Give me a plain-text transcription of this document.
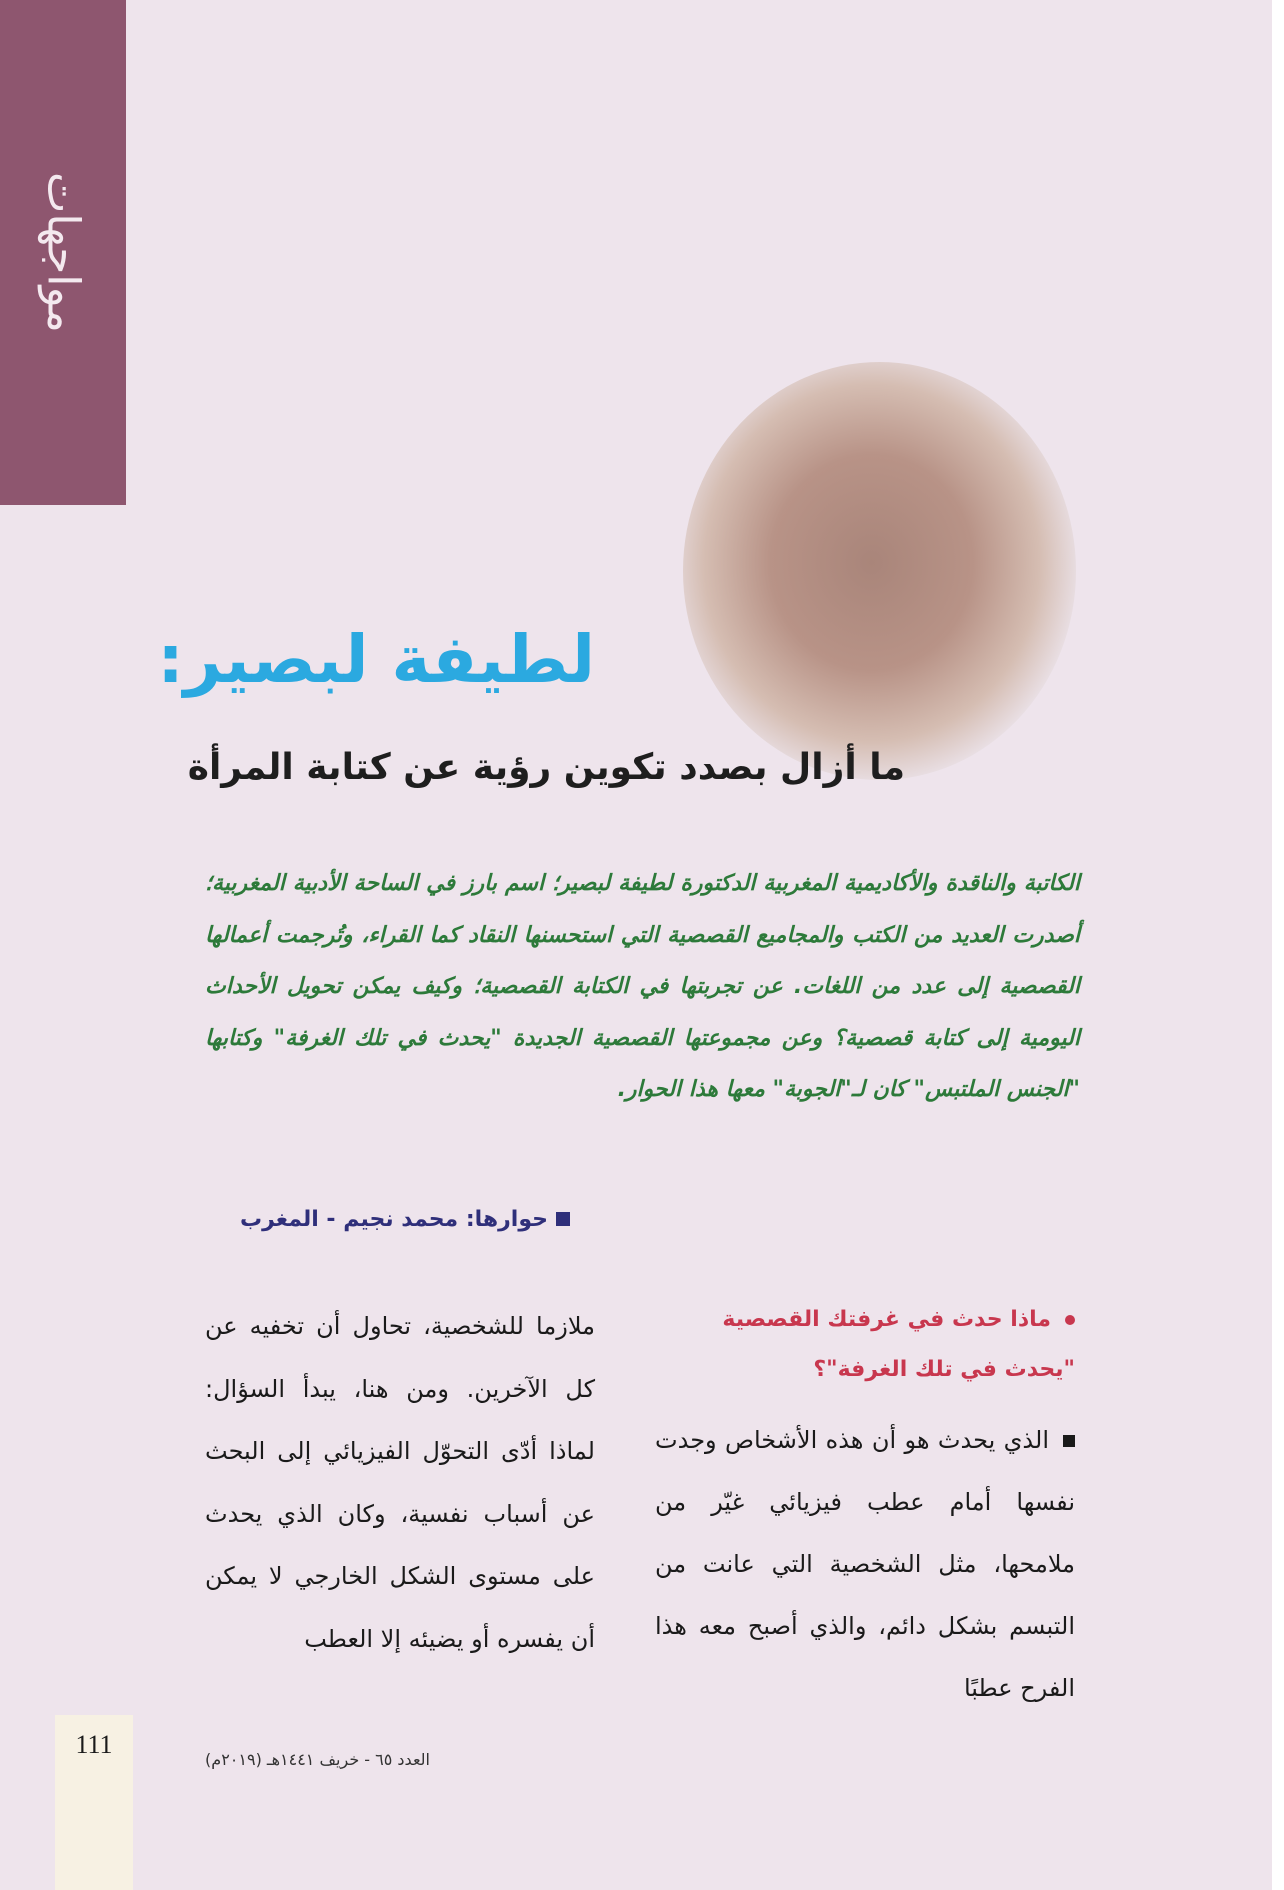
مواجهات
لطيفة لبصير:
ما أزال بصدد تكوين رؤية عن كتابة المرأة

الكاتبة والناقدة والأكاديمية المغربية الدكتورة لطيفة لبصير؛ اسم بارز في الساحة الأدبية المغربية؛ أصدرت العديد من الكتب والمجاميع القصصية التي استحسنها النقاد كما القراء، وتُرجمت أعمالها القصصية إلى عدد من اللغات. عن تجربتها في الكتابة القصصية؛ وكيف يمكن تحويل الأحداث اليومية إلى كتابة قصصية؟ وعن مجموعتها القصصية الجديدة "يحدث في تلك الغرفة" وكتابها "الجنس الملتبس" كان لـ"الجوبة" معها هذا الحوار.

حوارها: محمد نجيم - المغرب

ماذا حدث في غرفتك القصصية "يحدث في تلك الغرفة"؟

الذي يحدث هو أن هذه الأشخاص وجدت نفسها أمام عطب فيزيائي غيّر من ملامحها، مثل الشخصية التي عانت من التبسم بشكل دائم، والذي أصبح معه هذا الفرح عطبًا

ملازما للشخصية، تحاول أن تخفيه عن كل الآخرين. ومن هنا، يبدأ السؤال: لماذا أدّى التحوّل الفيزيائي إلى البحث عن أسباب نفسية، وكان الذي يحدث على مستوى الشكل الخارجي لا يمكن أن يفسره أو يضيئه إلا العطب

111

العدد ٦٥ - خريف ١٤٤١هـ (٢٠١٩م)
